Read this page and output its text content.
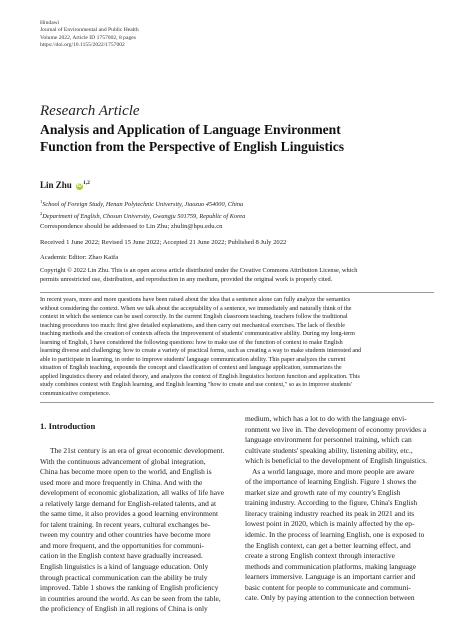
Hindawi
Journal of Environmental and Public Health
Volume 2022, Article ID 1757002, 8 pages
https://doi.org/10.1155/2022/1757002
Research Article
Analysis and Application of Language Environment
Function from the Perspective of English Linguistics
Lin Zhu iD$^{1,2}$
$^1$School of Foreign Study, Henan Polytechnic University, Jiaozuo 454000, China
$^2$Department of English, Chosun University, Gwangju 501759, Republic of Korea
Correspondence should be addressed to Lin Zhu; zhulin@hpu.edu.cn
Received 1 June 2022; Revised 15 June 2022; Accepted 21 June 2022; Published 8 July 2022
Academic Editor: Zhao Kaifa
Copyright © 2022 Lin Zhu. This is an open access article distributed under the Creative Commons Attribution License, which
permits unrestricted use, distribution, and reproduction in any medium, provided the original work is properly cited.
In recent years, more and more questions have been raised about the idea that a sentence alone can fully analyze the semantics
without considering the context. When we talk about the acceptability of a sentence, we immediately and naturally think of the
context in which the sentence can be used correctly. In the current English classroom teaching, teachers follow the traditional
teaching procedures too much: first give detailed explanations, and then carry out mechanical exercises. The lack of flexible
teaching methods and the creation of contexts affects the improvement of students' communicative ability. During my long-term
learning of English, I have considered the following questions: how to make use of the function of context to make English
learning diverse and challenging; how to create a variety of practical forms, such as creating a way to make students interested and
able to participate in learning, in order to improve students' language communication ability. This paper analyzes the current
situation of English teaching, expounds the concept and classification of context and language application, summarizes the
applied linguistics theory and related theory, and analyzes the context of English linguistics horizon function and application. This
study combines context with English learning, and English learning "how to create and use context," so as to improve students'
communicative competence.
1. Introduction
The 21st century is an era of great economic development.
With the continuous advancement of global integration,
China has become more open to the world, and English is
used more and more frequently in China. And with the
development of economic globalization, all walks of life have
a relatively large demand for English-related talents, and at
the same time, it also provides a good learning environment
for talent training. In recent years, cultural exchanges be-
tween my country and other countries have become more
and more frequent, and the opportunities for communi-
cation in the English context have gradually increased.
English linguistics is a kind of language education. Only
through practical communication can the ability be truly
improved. Table 1 shows the ranking of English proficiency
in countries around the world. As can be seen from the table,
the proficiency of English in all regions of China is only
medium, which has a lot to do with the language envi-
ronment we live in. The development of economy provides a
language environment for personnel training, which can
cultivate students' speaking ability, listening ability, etc.,
which is beneficial to the development of English linguistics.
As a world language, more and more people are aware
of the importance of learning English. Figure 1 shows the
market size and growth rate of my country's English
training industry. According to the figure, China's English
literacy training industry reached its peak in 2021 and its
lowest point in 2020, which is mainly affected by the ep-
idemic. In the process of learning English, one is exposed to
the English context, can get a better learning effect, and
create a strong English context through interactive
methods and communication platforms, making language
learners immersive. Language is an important carrier and
basic content for people to communicate and communi-
cate. Only by paying attention to the connection between
